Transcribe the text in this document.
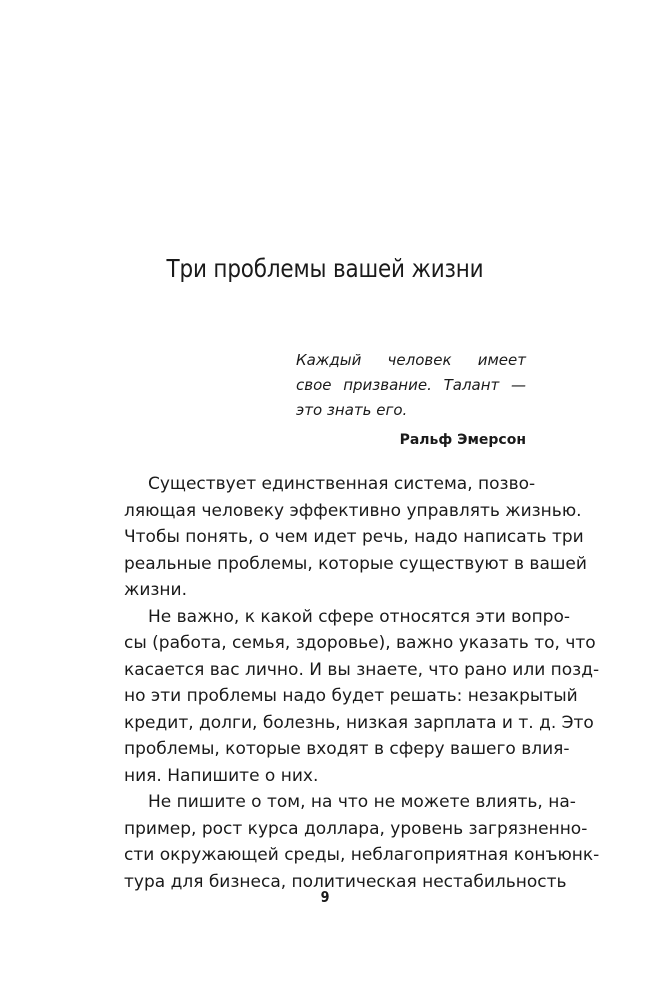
Три проблемы вашей жизни
Каждый человек имеет
свое призвание. Талант —
это знать его.
Ральф Эмерсон
Существует единственная система, позво-
ляющая человеку эффективно управлять жизнью.
Чтобы понять, о чем идет речь, надо написать три
реальные проблемы, которые существуют в вашей
жизни.
Не важно, к какой сфере относятся эти вопро-
сы (работа, семья, здоровье), важно указать то, что
касается вас лично. И вы знаете, что рано или позд-
но эти проблемы надо будет решать: незакрытый
кредит, долги, болезнь, низкая зарплата и т. д. Это
проблемы, которые входят в сферу вашего влия-
ния. Напишите о них.
Не пишите о том, на что не можете влиять, на-
пример, рост курса доллара, уровень загрязненно-
сти окружающей среды, неблагоприятная конъюнк-
тура для бизнеса, политическая нестабильность
9
